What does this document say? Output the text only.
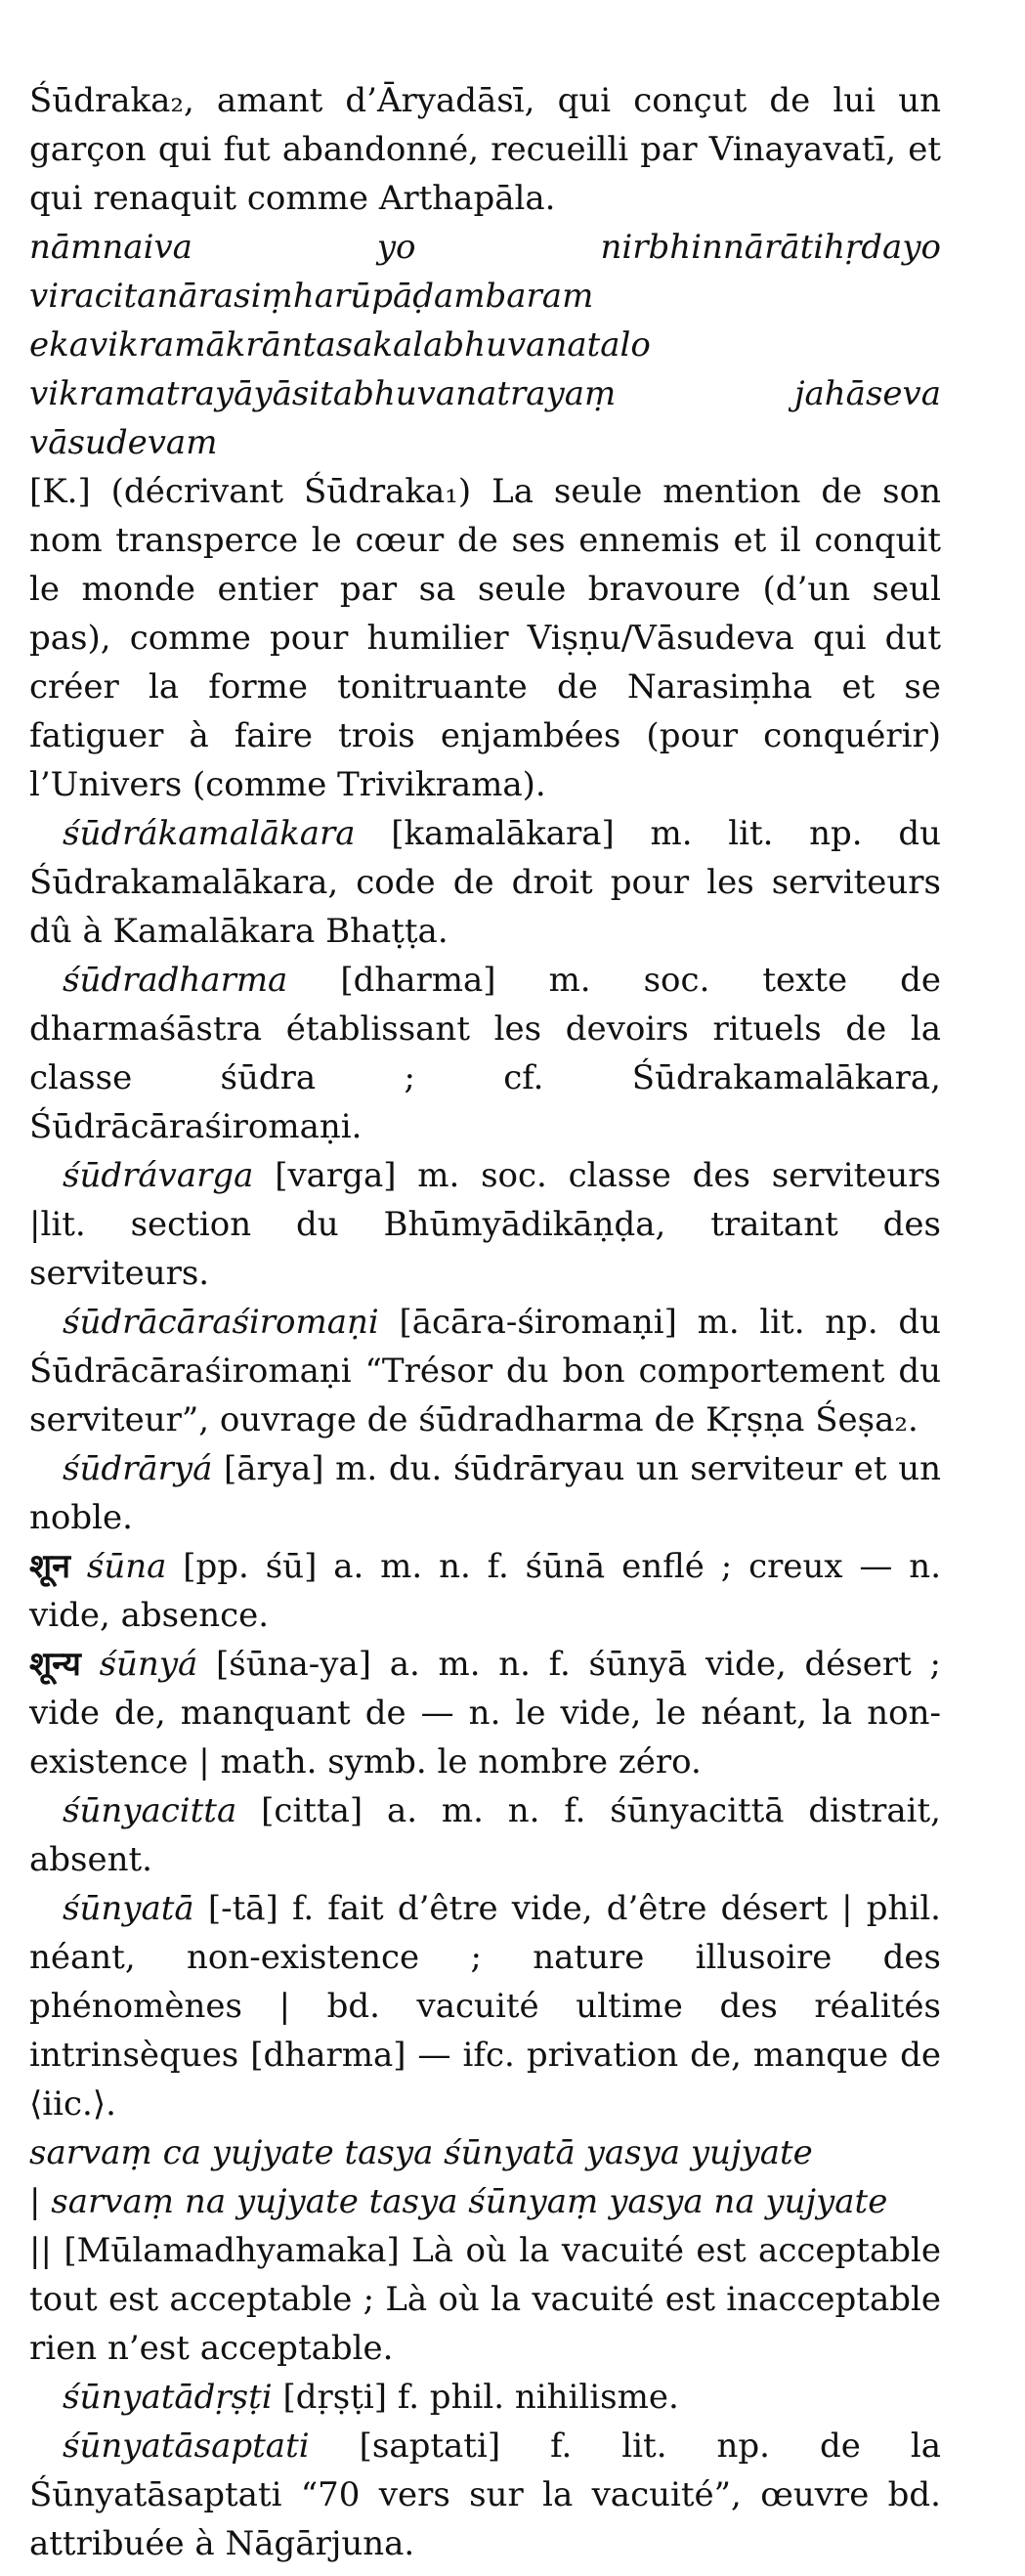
Śūdraka₂, amant d’Āryadāsī, qui conçut de lui un garçon qui fut abandonné, recueilli par Vinayavatī, et qui renaquit comme Arthapāla.

nāmnaiva yo nirbhinnārātihṛdayo viracitanārasiṃharūpāḍambaram ekavikramākrāntasakalabhuvanatalo vikramatrayāyāsitabhuvanatrayaṃ jahāseva vāsudevam

[K.] (décrivant Śūdraka₁) La seule mention de son nom transperce le cœur de ses ennemis et il conquit le monde entier par sa seule bravoure (d’un seul pas), comme pour humilier Viṣṇu/Vāsudeva qui dut créer la forme tonitruante de Narasiṃha et se fatiguer à faire trois enjambées (pour conquérir) l’Univers (comme Trivikrama).

śūdrákamalākara [kamalākara] m. lit. np. du Śūdrakamalākara, code de droit pour les serviteurs dû à Kamalākara Bhaṭṭa.

śūdradharma [dharma] m. soc. texte de dharmaśāstra établissant les devoirs rituels de la classe śūdra ; cf. Śūdrakamalākara, Śūdrācāraśiromaṇi.

śūdrávarga [varga] m. soc. classe des serviteurs |lit. section du Bhūmyādikāṇḍa, traitant des serviteurs.

śūdrācāraśiromaṇi [ācāra-śiromaṇi] m. lit. np. du Śūdrācāraśiromaṇi “Trésor du bon comportement du serviteur”, ouvrage de śūdradharma de Kṛṣṇa Śeṣa₂.

śūdrāryá [ārya] m. du. śūdrāryau un serviteur et un noble.

शून śūna [pp. śū] a. m. n. f. śūnā enflé ; creux — n. vide, absence.

शून्य śūnyá [śūna-ya] a. m. n. f. śūnyā vide, désert ; vide de, manquant de — n. le vide, le néant, la non-existence | math. symb. le nombre zéro.

śūnyacitta [citta] a. m. n. f. śūnyacittā distrait, absent.

śūnyatā [-tā] f. fait d’être vide, d’être désert | phil. néant, non-existence ; nature illusoire des phénomènes | bd. vacuité ultime des réalités intrinsèques [dharma] — ifc. privation de, manque de ⟨iic.⟩.

sarvaṃ ca yujyate tasya śūnyatā yasya yujyate
| sarvaṃ na yujyate tasya śūnyaṃ yasya na yujyate

|| [Mūlamadhyamaka] Là où la vacuité est acceptable tout est acceptable ; Là où la vacuité est inacceptable rien n’est acceptable.

śūnyatādṛṣṭi [dṛṣṭi] f. phil. nihilisme.

śūnyatāsaptati [saptati] f. lit. np. de la Śūnyatāsaptati “70 vers sur la vacuité”, œuvre bd. attribuée à Nāgārjuna.
